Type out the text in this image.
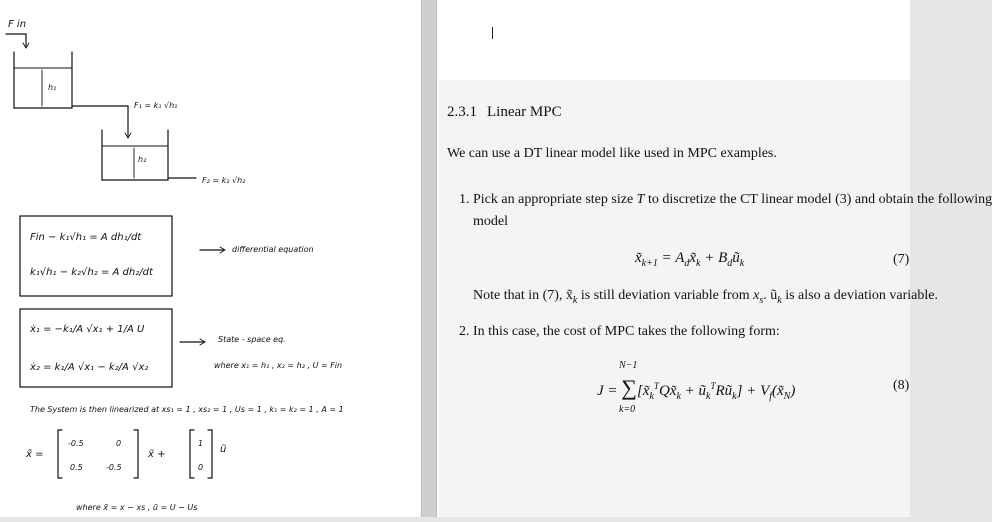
F in
h₁
F₁ = k₁ √h₁
h₂
F₂ = k₂ √h₂
Fin − k₁√h₁ = A dh₁/dt
k₁√h₁ − k₂√h₂ = A dh₂/dt
differential equation
ẋ₁ = −k₁/A √x₁ + 1/A U
ẋ₂ = k₁/A √x₁ − k₂/A √x₂
State - space eq.
where x₁ = h₁ , x₂ = h₂ , U = Fin
The System is then linearized at xs₁ = 1 , xs₂ = 1 , Us = 1 , k₁ = k₂ = 1 , A = 1
x̃̇ =
-0.5	0
0.5	-0.5
x̃ +
1
0
ũ
where x̃ = x − xs , ũ = U − Us
2.3.1 Linear MPC
We can use a DT linear model like used in MPC examples.
1. Pick an appropriate step size T to discretize the CT linear model (3) and obtain the following
model
$x̃_{k+1}$ = $A_dx̃_k$ + $B_dũ_k$	(7)
Note that in (7), $x̃_k$ is still deviation variable from $x_s$. $ũ_k$ is also a deviation variable.
2. In this case, the cost of MPC takes the following form:
N−1
$J = \sum[x̃_k^TQx̃_k$ + $ũ_k^TRũ_k$] + $V_f(x̃_N)$
k=0
(8)
